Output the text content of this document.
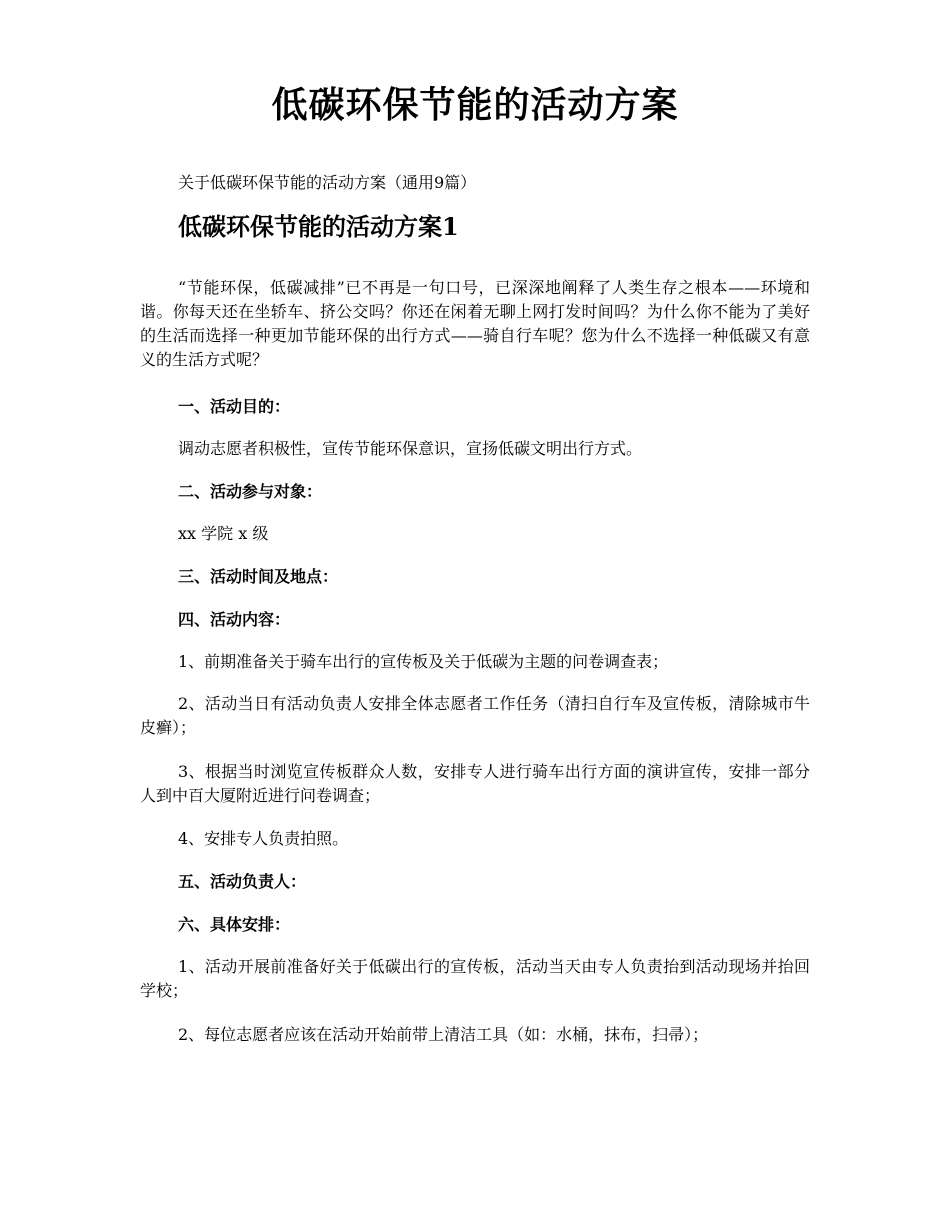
低碳环保节能的活动方案

关于低碳环保节能的活动方案（通用9篇）

低碳环保节能的活动方案1

“节能环保，低碳减排”已不再是一句口号，已深深地阐释了人类生存之根本——环境和谐。你每天还在坐轿车、挤公交吗？你还在闲着无聊上网打发时间吗？为什么你不能为了美好的生活而选择一种更加节能环保的出行方式——骑自行车呢？您为什么不选择一种低碳又有意义的生活方式呢？

一、活动目的：

调动志愿者积极性，宣传节能环保意识，宣扬低碳文明出行方式。

二、活动参与对象：

xx 学院 x 级

三、活动时间及地点：

四、活动内容：

1、前期准备关于骑车出行的宣传板及关于低碳为主题的问卷调查表；

2、活动当日有活动负责人安排全体志愿者工作任务（清扫自行车及宣传板，清除城市牛皮癣）；

3、根据当时浏览宣传板群众人数，安排专人进行骑车出行方面的演讲宣传，安排一部分人到中百大厦附近进行问卷调查；

4、安排专人负责拍照。

五、活动负责人：

六、具体安排：

1、活动开展前准备好关于低碳出行的宣传板，活动当天由专人负责抬到活动现场并抬回学校；

2、每位志愿者应该在活动开始前带上清洁工具（如：水桶，抹布，扫帚）；
